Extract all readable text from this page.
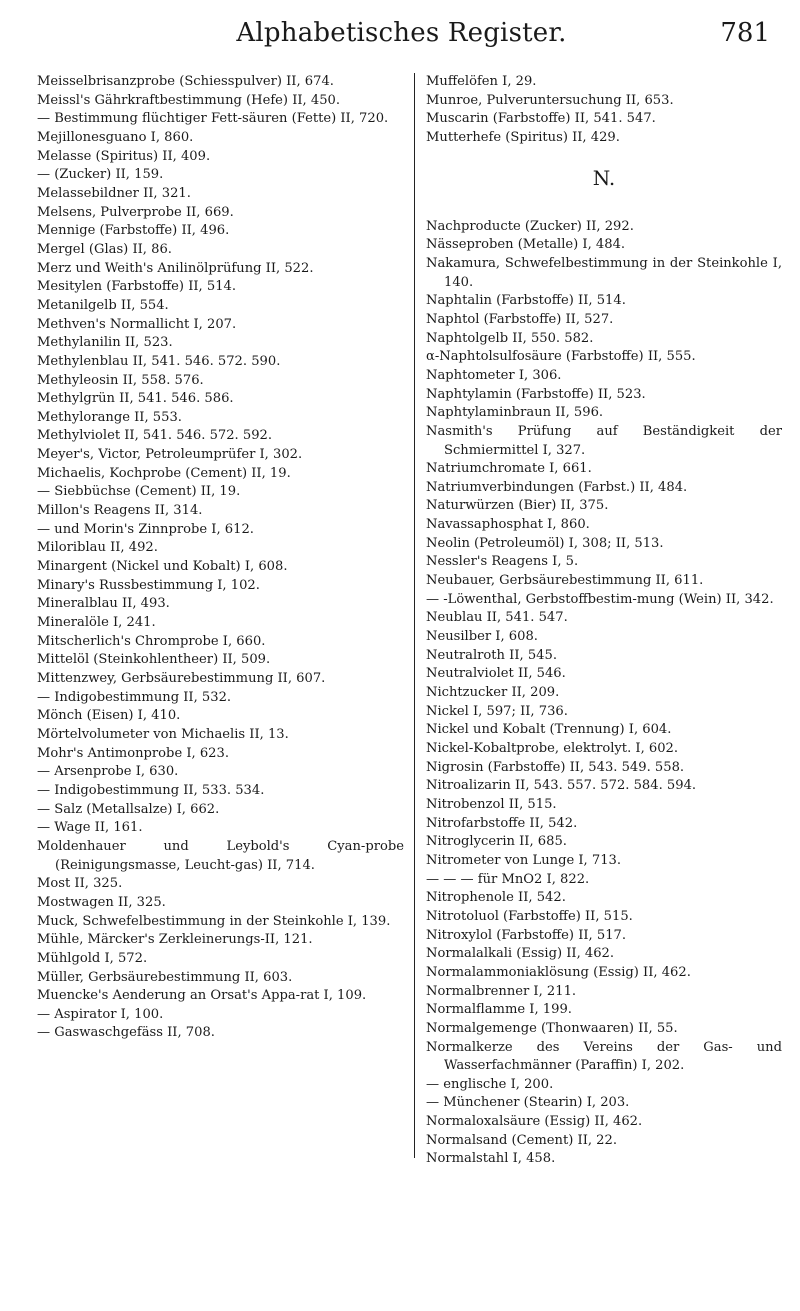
Alphabetisches Register.	781

Meisselbrisanzprobe (Schiesspulver) II, 674.

Meissl's Gährkraftbestimmung (Hefe) II, 450.

— Bestimmung flüchtiger Fett-säuren (Fette) II, 720.

Mejillonesguano I, 860.

Melasse (Spiritus) II, 409.

— (Zucker) II, 159.

Melassebildner II, 321.

Melsens, Pulverprobe II, 669.

Mennige (Farbstoffe) II, 496.

Mergel (Glas) II, 86.

Merz und Weith's Anilinölprüfung II, 522.

Mesitylen (Farbstoffe) II, 514.

Metanilgelb II, 554.

Methven's Normallicht I, 207.

Methylanilin II, 523.

Methylenblau II, 541. 546. 572. 590.

Methyleosin II, 558. 576.

Methylgrün II, 541. 546. 586.

Methylorange II, 553.

Methylviolet II, 541. 546. 572. 592.

Meyer's, Victor, Petroleumprüfer I, 302.

Michaelis, Kochprobe (Cement) II, 19.

— Siebbüchse (Cement) II, 19.

Millon's Reagens II, 314.

— und Morin's Zinnprobe I, 612.

Miloriblau II, 492.

Minargent (Nickel und Kobalt) I, 608.

Minary's Russbestimmung I, 102.

Mineralblau II, 493.

Mineralöle I, 241.

Mitscherlich's Chromprobe I, 660.

Mittelöl (Steinkohlentheer) II, 509.

Mittenzwey, Gerbsäurebestimmung II, 607.

— Indigobestimmung II, 532.

Mönch (Eisen) I, 410.

Mörtelvolumeter von Michaelis II, 13.

Mohr's Antimonprobe I, 623.

— Arsenprobe I, 630.

— Indigobestimmung II, 533. 534.

— Salz (Metallsalze) I, 662.

— Wage II, 161.

Moldenhauer und Leybold's Cyan-probe (Reinigungsmasse, Leucht-gas) II, 714.

Most II, 325.

Mostwagen II, 325.

Muck, Schwefelbestimmung in der Steinkohle I, 139.

Mühle, Märcker's Zerkleinerungs-II, 121.

Mühlgold I, 572.

Müller, Gerbsäurebestimmung II, 603.

Muencke's Aenderung an Orsat's Appa-rat I, 109.

— Aspirator I, 100.

— Gaswaschgefäss II, 708.

Muffelöfen I, 29.

Munroe, Pulveruntersuchung II, 653.

Muscarin (Farbstoffe) II, 541. 547.

Mutterhefe (Spiritus) II, 429.

N.

Nachproducte (Zucker) II, 292.

Nässeproben (Metalle) I, 484.

Nakamura, Schwefelbestimmung in der Steinkohle I, 140.

Naphtalin (Farbstoffe) II, 514.

Naphtol (Farbstoffe) II, 527.

Naphtolgelb II, 550. 582.

α-Naphtolsulfosäure (Farbstoffe) II, 555.

Naphtometer I, 306.

Naphtylamin (Farbstoffe) II, 523.

Naphtylaminbraun II, 596.

Nasmith's Prüfung auf Beständigkeit der Schmiermittel I, 327.

Natriumchromate I, 661.

Natriumverbindungen (Farbst.) II, 484.

Naturwürzen (Bier) II, 375.

Navassaphosphat I, 860.

Neolin (Petroleumöl) I, 308; II, 513.

Nessler's Reagens I, 5.

Neubauer, Gerbsäurebestimmung II, 611.

— -Löwenthal, Gerbstoffbestim-mung (Wein) II, 342.

Neublau II, 541. 547.

Neusilber I, 608.

Neutralroth II, 545.

Neutralviolet II, 546.

Nichtzucker II, 209.

Nickel I, 597; II, 736.

Nickel und Kobalt (Trennung) I, 604.

Nickel-Kobaltprobe, elektrolyt. I, 602.

Nigrosin (Farbstoffe) II, 543. 549. 558.

Nitroalizarin II, 543. 557. 572. 584. 594.

Nitrobenzol II, 515.

Nitrofarbstoffe II, 542.

Nitroglycerin II, 685.

Nitrometer von Lunge I, 713.

— — — für MnO2 I, 822.

Nitrophenole II, 542.

Nitrotoluol (Farbstoffe) II, 515.

Nitroxylol (Farbstoffe) II, 517.

Normalalkali (Essig) II, 462.

Normalammoniaklösung (Essig) II, 462.

Normalbrenner I, 211.

Normalflamme I, 199.

Normalgemenge (Thonwaaren) II, 55.

Normalkerze des Vereins der Gas- und Wasserfachmänner (Paraffin) I, 202.

— englische I, 200.

— Münchener (Stearin) I, 203.

Normaloxalsäure (Essig) II, 462.

Normalsand (Cement) II, 22.

Normalstahl I, 458.
